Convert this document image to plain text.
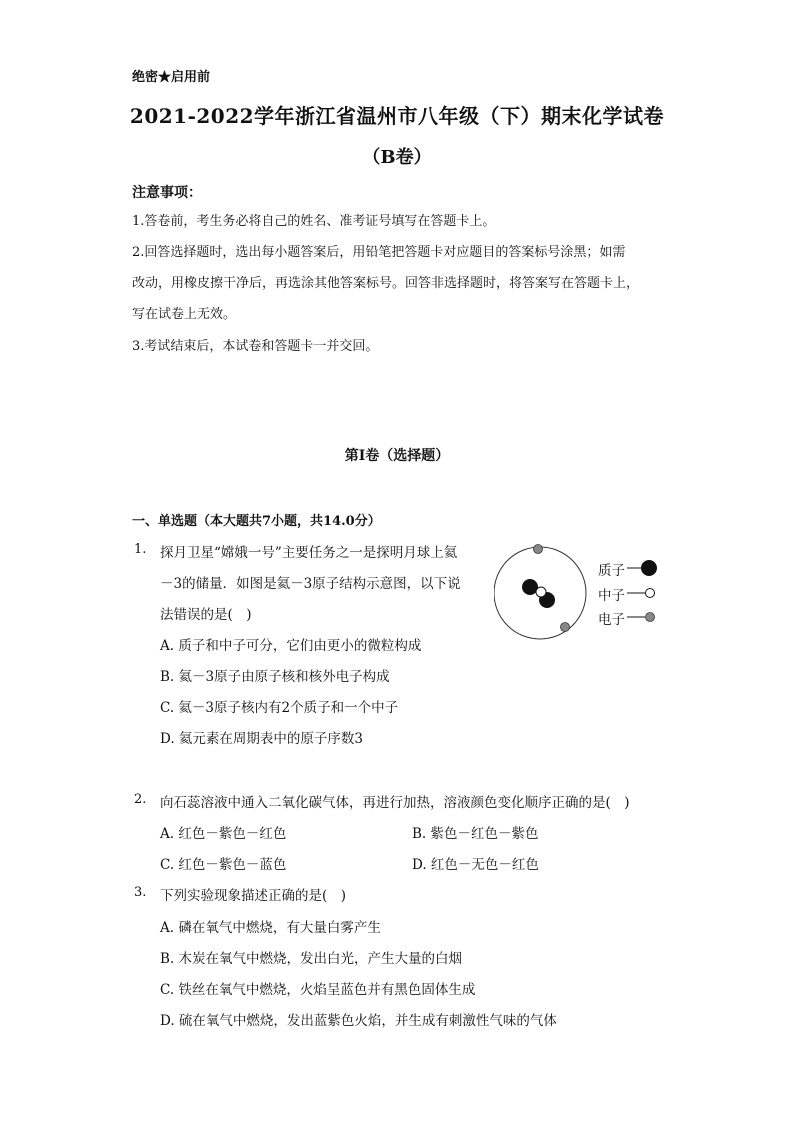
绝密★启用前
2021-2022学年浙江省温州市八年级（下）期末化学试卷
（B卷）
注意事项：
1.答卷前，考生务必将自己的姓名、准考证号填写在答题卡上。
2.回答选择题时，选出每小题答案后，用铅笔把答题卡对应题目的答案标号涂黑；如需
改动，用橡皮擦干净后，再选涂其他答案标号。回答非选择题时，将答案写在答题卡上，
写在试卷上无效。
3.考试结束后，本试卷和答题卡一并交回。
第Ⅰ卷（选择题）
一、单选题（本大题共7小题，共14.0分）
1. 探月卫星“嫦娥一号”主要任务之一是探明月球上氦
－3的储量．如图是氦－3原子结构示意图，以下说
法错误的是(　)
A. 质子和中子可分，它们由更小的微粒构成
B. 氦－3原子由原子核和核外电子构成
C. 氦－3原子核内有2个质子和一个中子
D. 氦元素在周期表中的原子序数3
质子
中子
电子
2. 向石蕊溶液中通入二氧化碳气体，再进行加热，溶液颜色变化顺序正确的是(　)
A. 红色－紫色－红色	B. 紫色－红色－紫色
C. 红色－紫色－蓝色	D. 红色－无色－红色
3. 下列实验现象描述正确的是(　)
A. 磷在氧气中燃烧，有大量白雾产生
B. 木炭在氧气中燃烧，发出白光，产生大量的白烟
C. 铁丝在氧气中燃烧，火焰呈蓝色并有黑色固体生成
D. 硫在氧气中燃烧，发出蓝紫色火焰，并生成有刺激性气味的气体
